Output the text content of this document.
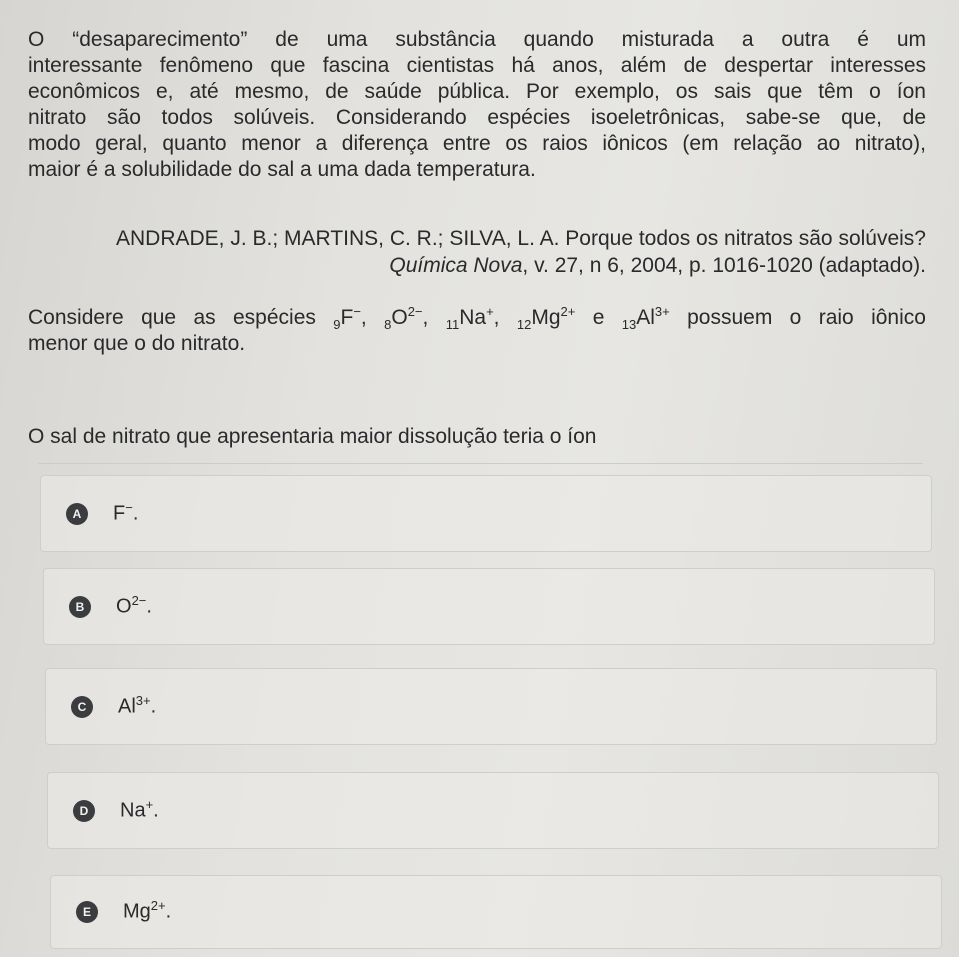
O “desaparecimento” de uma substância quando misturada a outra é um
interessante fenômeno que fascina cientistas há anos, além de despertar interesses
econômicos e, até mesmo, de saúde pública. Por exemplo, os sais que têm o íon
nitrato são todos solúveis. Considerando espécies isoeletrônicas, sabe-se que, de
modo geral, quanto menor a diferença entre os raios iônicos (em relação ao nitrato),
maior é a solubilidade do sal a uma dada temperatura.

ANDRADE, J. B.; MARTINS, C. R.; SILVA, L. A. Porque todos os nitratos são solúveis?

Química Nova, v. 27, n 6, 2004, p. 1016-1020 (adaptado).

Considere que as espécies $_9$F−, $_8O^{2-}$, $_{11}$Na+, $_{12}Mg^{2+}$ e $_{13}Al^{3+}$ possuem o raio iônico
menor que o do nitrato.

O sal de nitrato que apresentaria maior dissolução teria o íon

A	F−.
B	$O^{2-}$.
C	$Al^{3+}$.
D	Na+.
E	$Mg^{2+}$.
